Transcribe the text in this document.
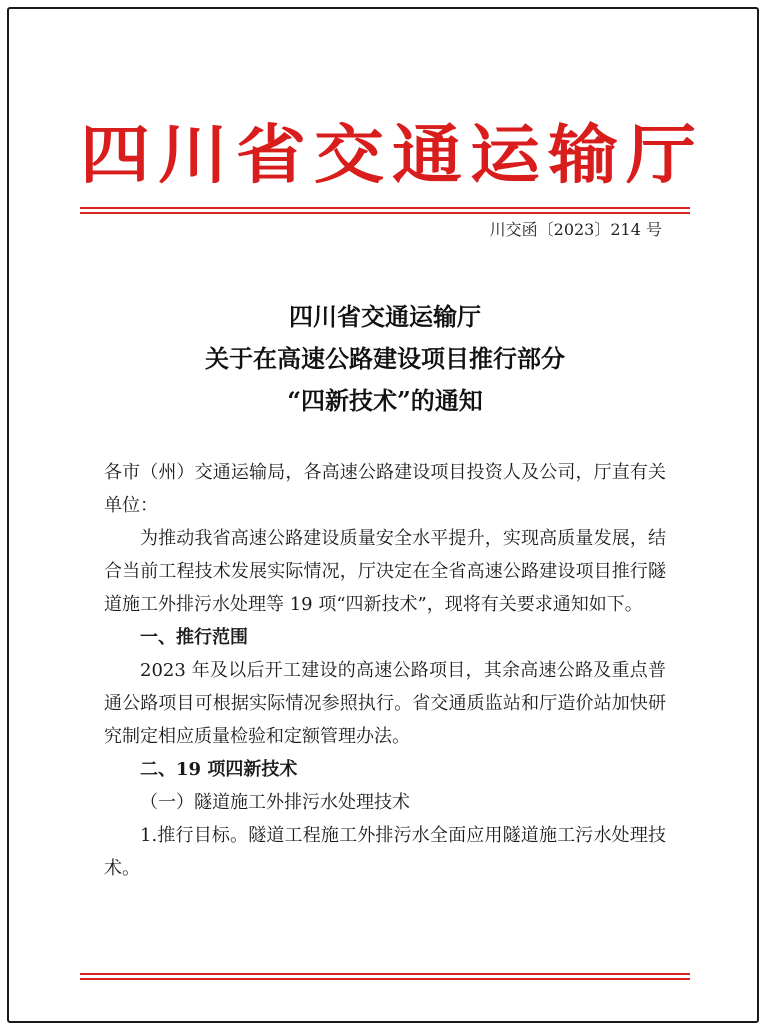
四川省交通运输厅
川交函〔2023〕214 号
四川省交通运输厅
关于在高速公路建设项目推行部分
“四新技术”的通知

各市（州）交通运输局，各高速公路建设项目投资人及公司，厅直有关单位：

为推动我省高速公路建设质量安全水平提升，实现高质量发展，结合当前工程技术发展实际情况，厅决定在全省高速公路建设项目推行隧道施工外排污水处理等 19 项“四新技术”，现将有关要求通知如下。

一、推行范围

2023 年及以后开工建设的高速公路项目，其余高速公路及重点普通公路项目可根据实际情况参照执行。省交通质监站和厅造价站加快研究制定相应质量检验和定额管理办法。

二、19 项四新技术

（一）隧道施工外排污水处理技术

1.推行目标。隧道工程施工外排污水全面应用隧道施工污水处理技术。
